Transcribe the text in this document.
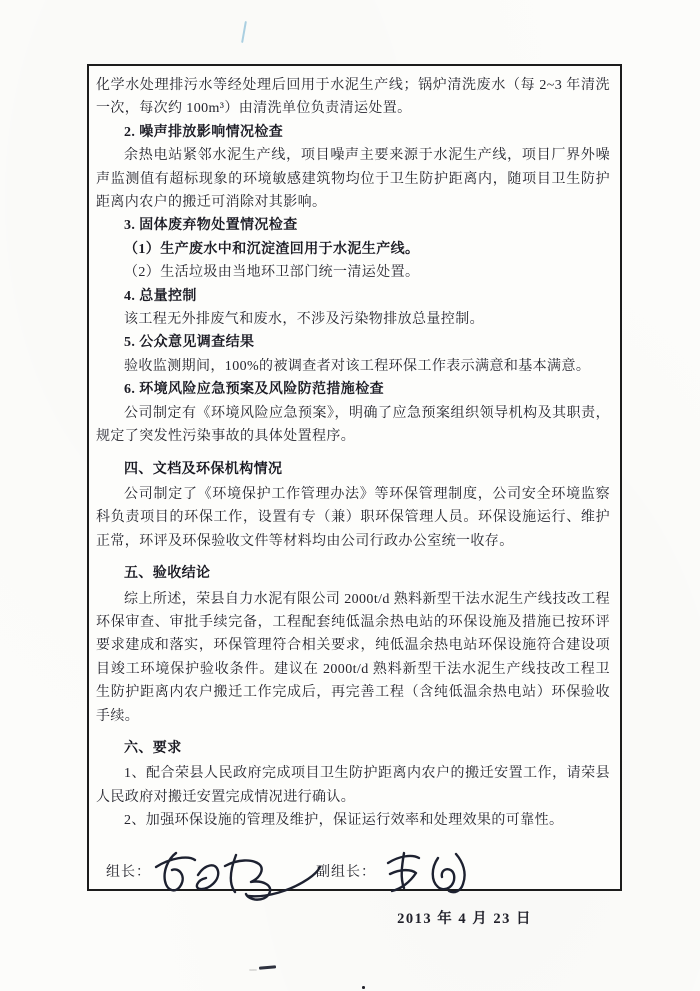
化学水处理排污水等经处理后回用于水泥生产线；锅炉清洗废水（每 2~3 年清洗一次，每次约 100m³）由清洗单位负责清运处置。
2. 噪声排放影响情况检查
余热电站紧邻水泥生产线，项目噪声主要来源于水泥生产线，项目厂界外噪声监测值有超标现象的环境敏感建筑物均位于卫生防护距离内，随项目卫生防护距离内农户的搬迁可消除对其影响。
3. 固体废弃物处置情况检查
（1）生产废水中和沉淀渣回用于水泥生产线。
（2）生活垃圾由当地环卫部门统一清运处置。
4. 总量控制
该工程无外排废气和废水，不涉及污染物排放总量控制。
5. 公众意见调查结果
验收监测期间，100%的被调查者对该工程环保工作表示满意和基本满意。
6. 环境风险应急预案及风险防范措施检查
公司制定有《环境风险应急预案》，明确了应急预案组织领导机构及其职责，规定了突发性污染事故的具体处置程序。
四、文档及环保机构情况
公司制定了《环境保护工作管理办法》等环保管理制度，公司安全环境监察科负责项目的环保工作，设置有专（兼）职环保管理人员。环保设施运行、维护正常，环评及环保验收文件等材料均由公司行政办公室统一收存。
五、验收结论
综上所述，荣县自力水泥有限公司 2000t/d 熟料新型干法水泥生产线技改工程环保审查、审批手续完备，工程配套纯低温余热电站的环保设施及措施已按环评要求建成和落实，环保管理符合相关要求，纯低温余热电站环保设施符合建设项目竣工环境保护验收条件。建议在 2000t/d 熟料新型干法水泥生产线技改工程卫生防护距离内农户搬迁工作完成后，再完善工程（含纯低温余热电站）环保验收手续。
六、要求
1、配合荣县人民政府完成项目卫生防护距离内农户的搬迁安置工作，请荣县人民政府对搬迁安置完成情况进行确认。
2、加强环保设施的管理及维护，保证运行效率和处理效果的可靠性。
组长：	副组长：
2013 年 4 月 23 日
